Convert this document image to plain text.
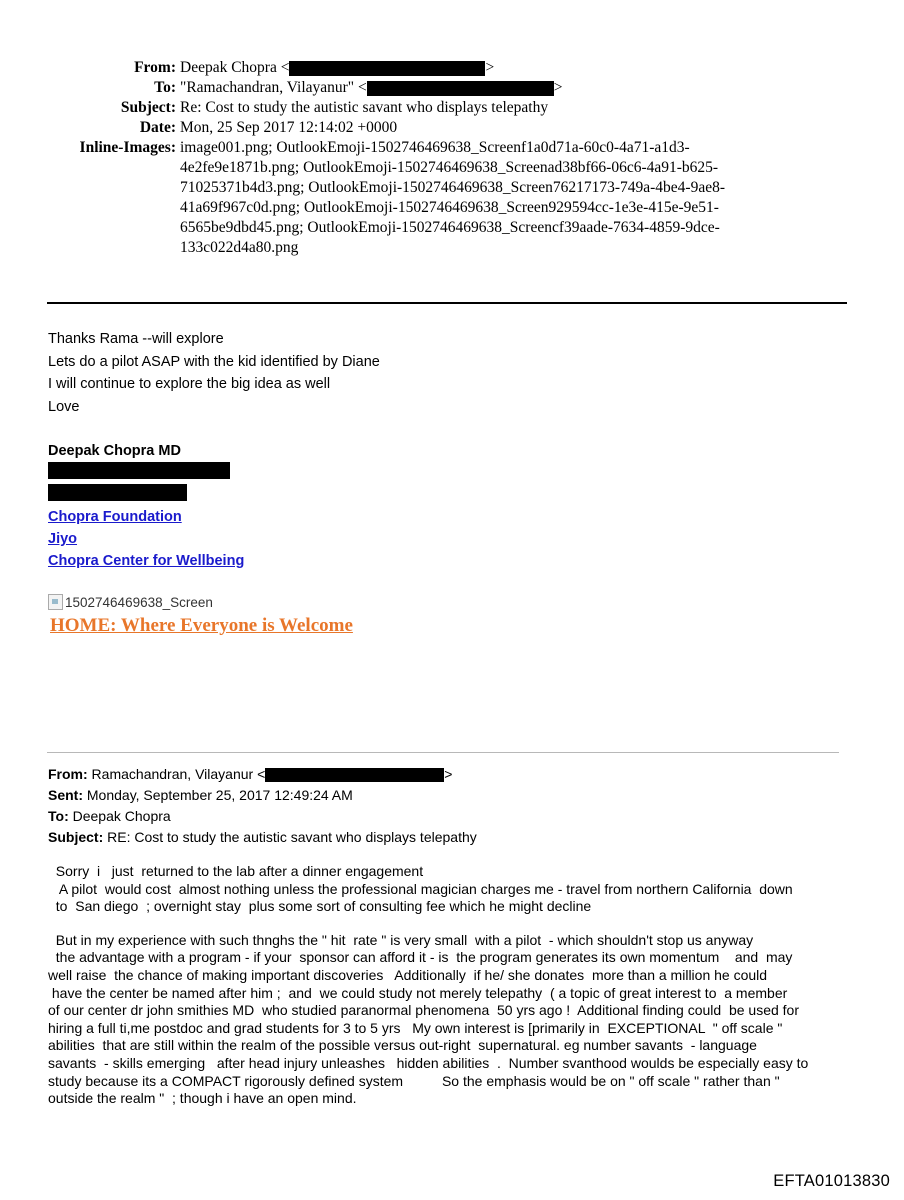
From: Deepak Chopra <	>
To: "Ramachandran, Vilayanur" <	>
Subject: Re: Cost to study the autistic savant who displays telepathy
Date: Mon, 25 Sep 2017 12:14:02 +0000
Inline-Images: image001.png; OutlookEmoji-1502746469638_Screenf1a0d71a-60c0-4a71-a1d3-
4e2fe9e1871b.png; OutlookEmoji-1502746469638_Screenad38bf66-06c6-4a91-b625-
71025371b4d3.png; OutlookEmoji-1502746469638_Screen76217173-749a-4be4-9ae8-
41a69f967c0d.png; OutlookEmoji-1502746469638_Screen929594cc-1e3e-415e-9e51-
6565be9dbd45.png; OutlookEmoji-1502746469638_Screencf39aade-7634-4859-9dce-
133c022d4a80.png
Thanks Rama --will explore
Lets do a pilot ASAP with the kid identified by Diane
I will continue to explore the big idea as well
Love
Deepak Chopra MD
Chopra Foundation
Jiyo
Chopra Center for Wellbeing
1502746469638_Screen
HOME: Where Everyone is Welcome
From: Ramachandran, Vilayanur <	>
Sent: Monday, September 25, 2017 12:49:24 AM
To: Deepak Chopra
Subject: RE: Cost to study the autistic savant who displays telepathy
Sorry  i   just  returned to the lab after a dinner engagement
A pilot  would cost  almost nothing unless the professional magician charges me - travel from northern California  down
to  San diego  ; overnight stay  plus some sort of consulting fee which he might decline
But in my experience with such thnghs the " hit  rate " is very small  with a pilot  - which shouldn't stop us anyway
the advantage with a program - if your  sponsor can afford it - is  the program generates its own momentum    and  may
well raise  the chance of making important discoveries   Additionally  if he/ she donates  more than a million he could
have the center be named after him ;  and  we could study not merely telepathy  ( a topic of great interest to  a member
of our center dr john smithies MD  who studied paranormal phenomena  50 yrs ago !  Additional finding could  be used for
hiring a full ti,me postdoc and grad students for 3 to 5 yrs   My own interest is [primarily in  EXCEPTIONAL  " off scale "
abilities  that are still within the realm of the possible versus out-right  supernatural. eg number savants  - language
savants  - skills emerging   after head injury unleashes   hidden abilities  .  Number svanthood woulds be especially easy to
study because its a COMPACT rigorously defined system          So the emphasis would be on " off scale " rather than "
outside the realm "  ; though i have an open mind.
EFTA01013830
